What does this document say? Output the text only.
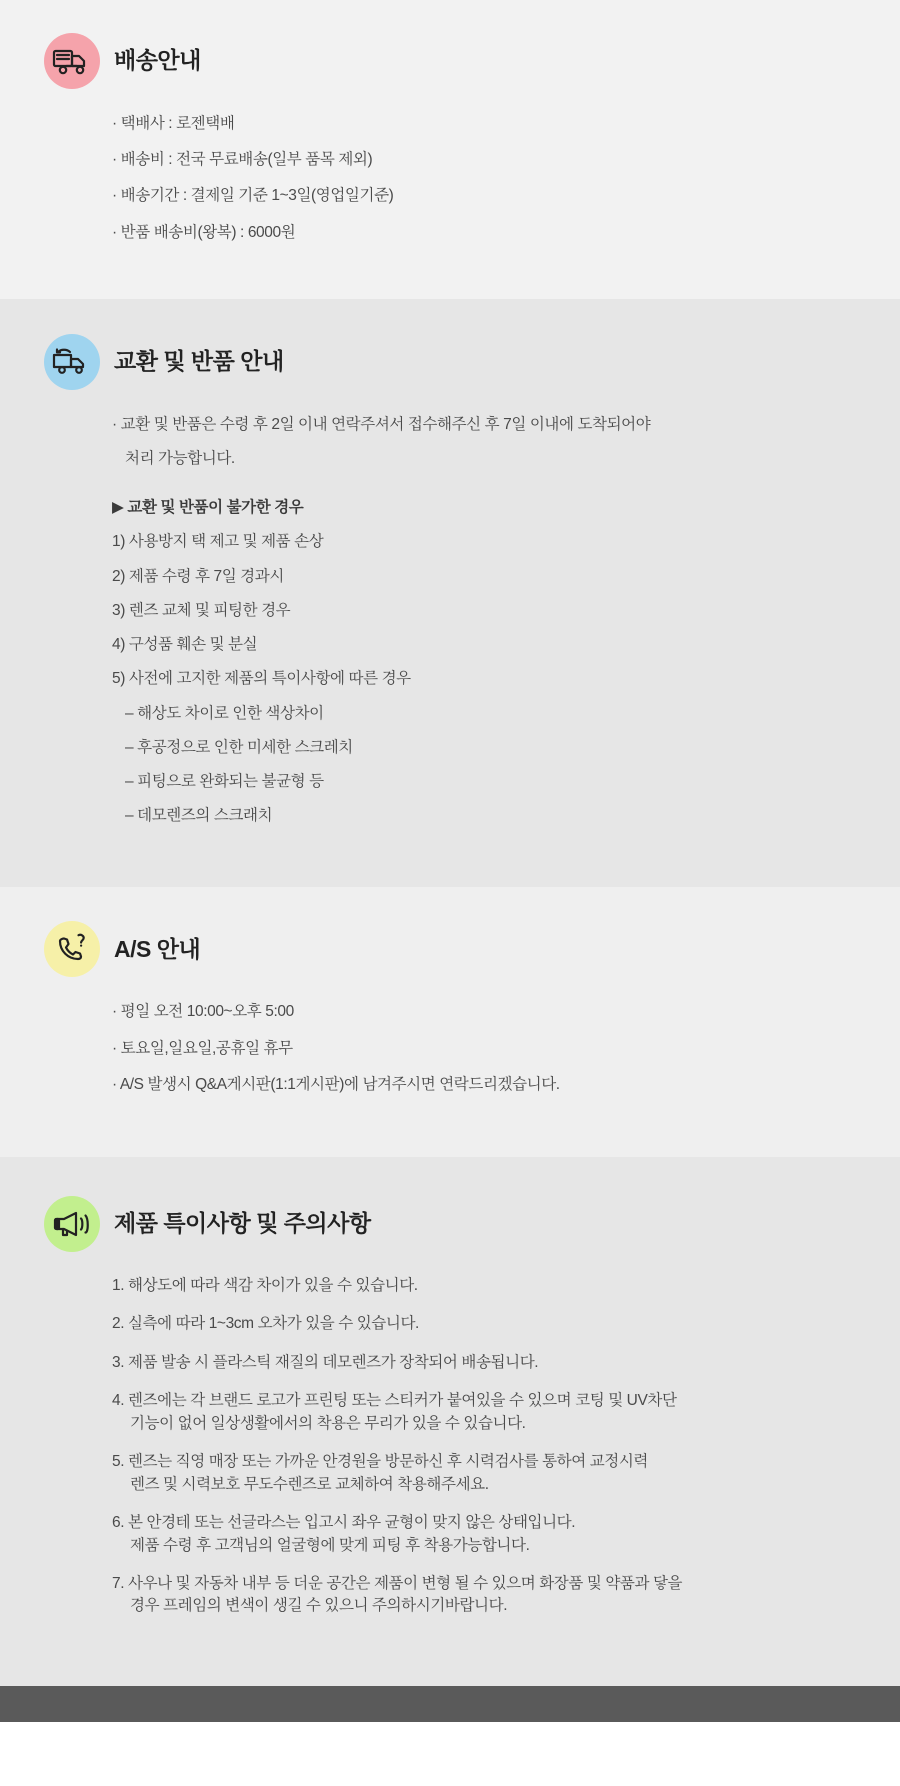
배송안내

· 택배사 : 로젠택배

· 배송비 : 전국 무료배송(일부 품목 제외)

· 배송기간 : 결제일 기준 1~3일(영업일기준)

· 반품 배송비(왕복) : 6000원

교환 및 반품 안내

· 교환 및 반품은 수령 후 2일 이내 연락주셔서 접수해주신 후 7일 이내에 도착되어야

처리 가능합니다.

▶ 교환 및 반품이 불가한 경우

1) 사용방지 택 제고 및 제품 손상

2) 제품 수령 후 7일 경과시

3) 렌즈 교체 및 피팅한 경우

4) 구성품 훼손 및 분실

5) 사전에 고지한 제품의 특이사항에 따른 경우

– 해상도 차이로 인한 색상차이

– 후공정으로 인한 미세한 스크레치

– 피팅으로 완화되는 불균형 등

– 데모렌즈의 스크래치

A/S 안내

· 평일 오전 10:00~오후 5:00

· 토요일,일요일,공휴일 휴무

· A/S 발생시 Q&A게시판(1:1게시판)에 남겨주시면 연락드리겠습니다.

제품 특이사항 및 주의사항

1. 해상도에 따라 색감 차이가 있을 수 있습니다.

2. 실측에 따라 1~3cm 오차가 있을 수 있습니다.

3. 제품 발송 시 플라스틱 재질의 데모렌즈가 장착되어 배송됩니다.

4. 렌즈에는 각 브랜드 로고가 프린팅 또는 스티커가 붙여있을 수 있으며 코팅 및 UV차단
기능이 없어 일상생활에서의 착용은 무리가 있을 수 있습니다.

5. 렌즈는 직영 매장 또는 가까운 안경원을 방문하신 후 시력검사를 통하여 교정시력
렌즈 및 시력보호 무도수렌즈로 교체하여 착용해주세요.

6. 본 안경테 또는 선글라스는 입고시 좌우 균형이 맞지 않은 상태입니다.
제품 수령 후 고객님의 얼굴형에 맞게 피팅 후 착용가능합니다.

7. 사우나 및 자동차 내부 등 더운 공간은 제품이 변형 될 수 있으며 화장품 및 약품과 닿을
경우 프레임의 변색이 생길 수 있으니 주의하시기바랍니다.
